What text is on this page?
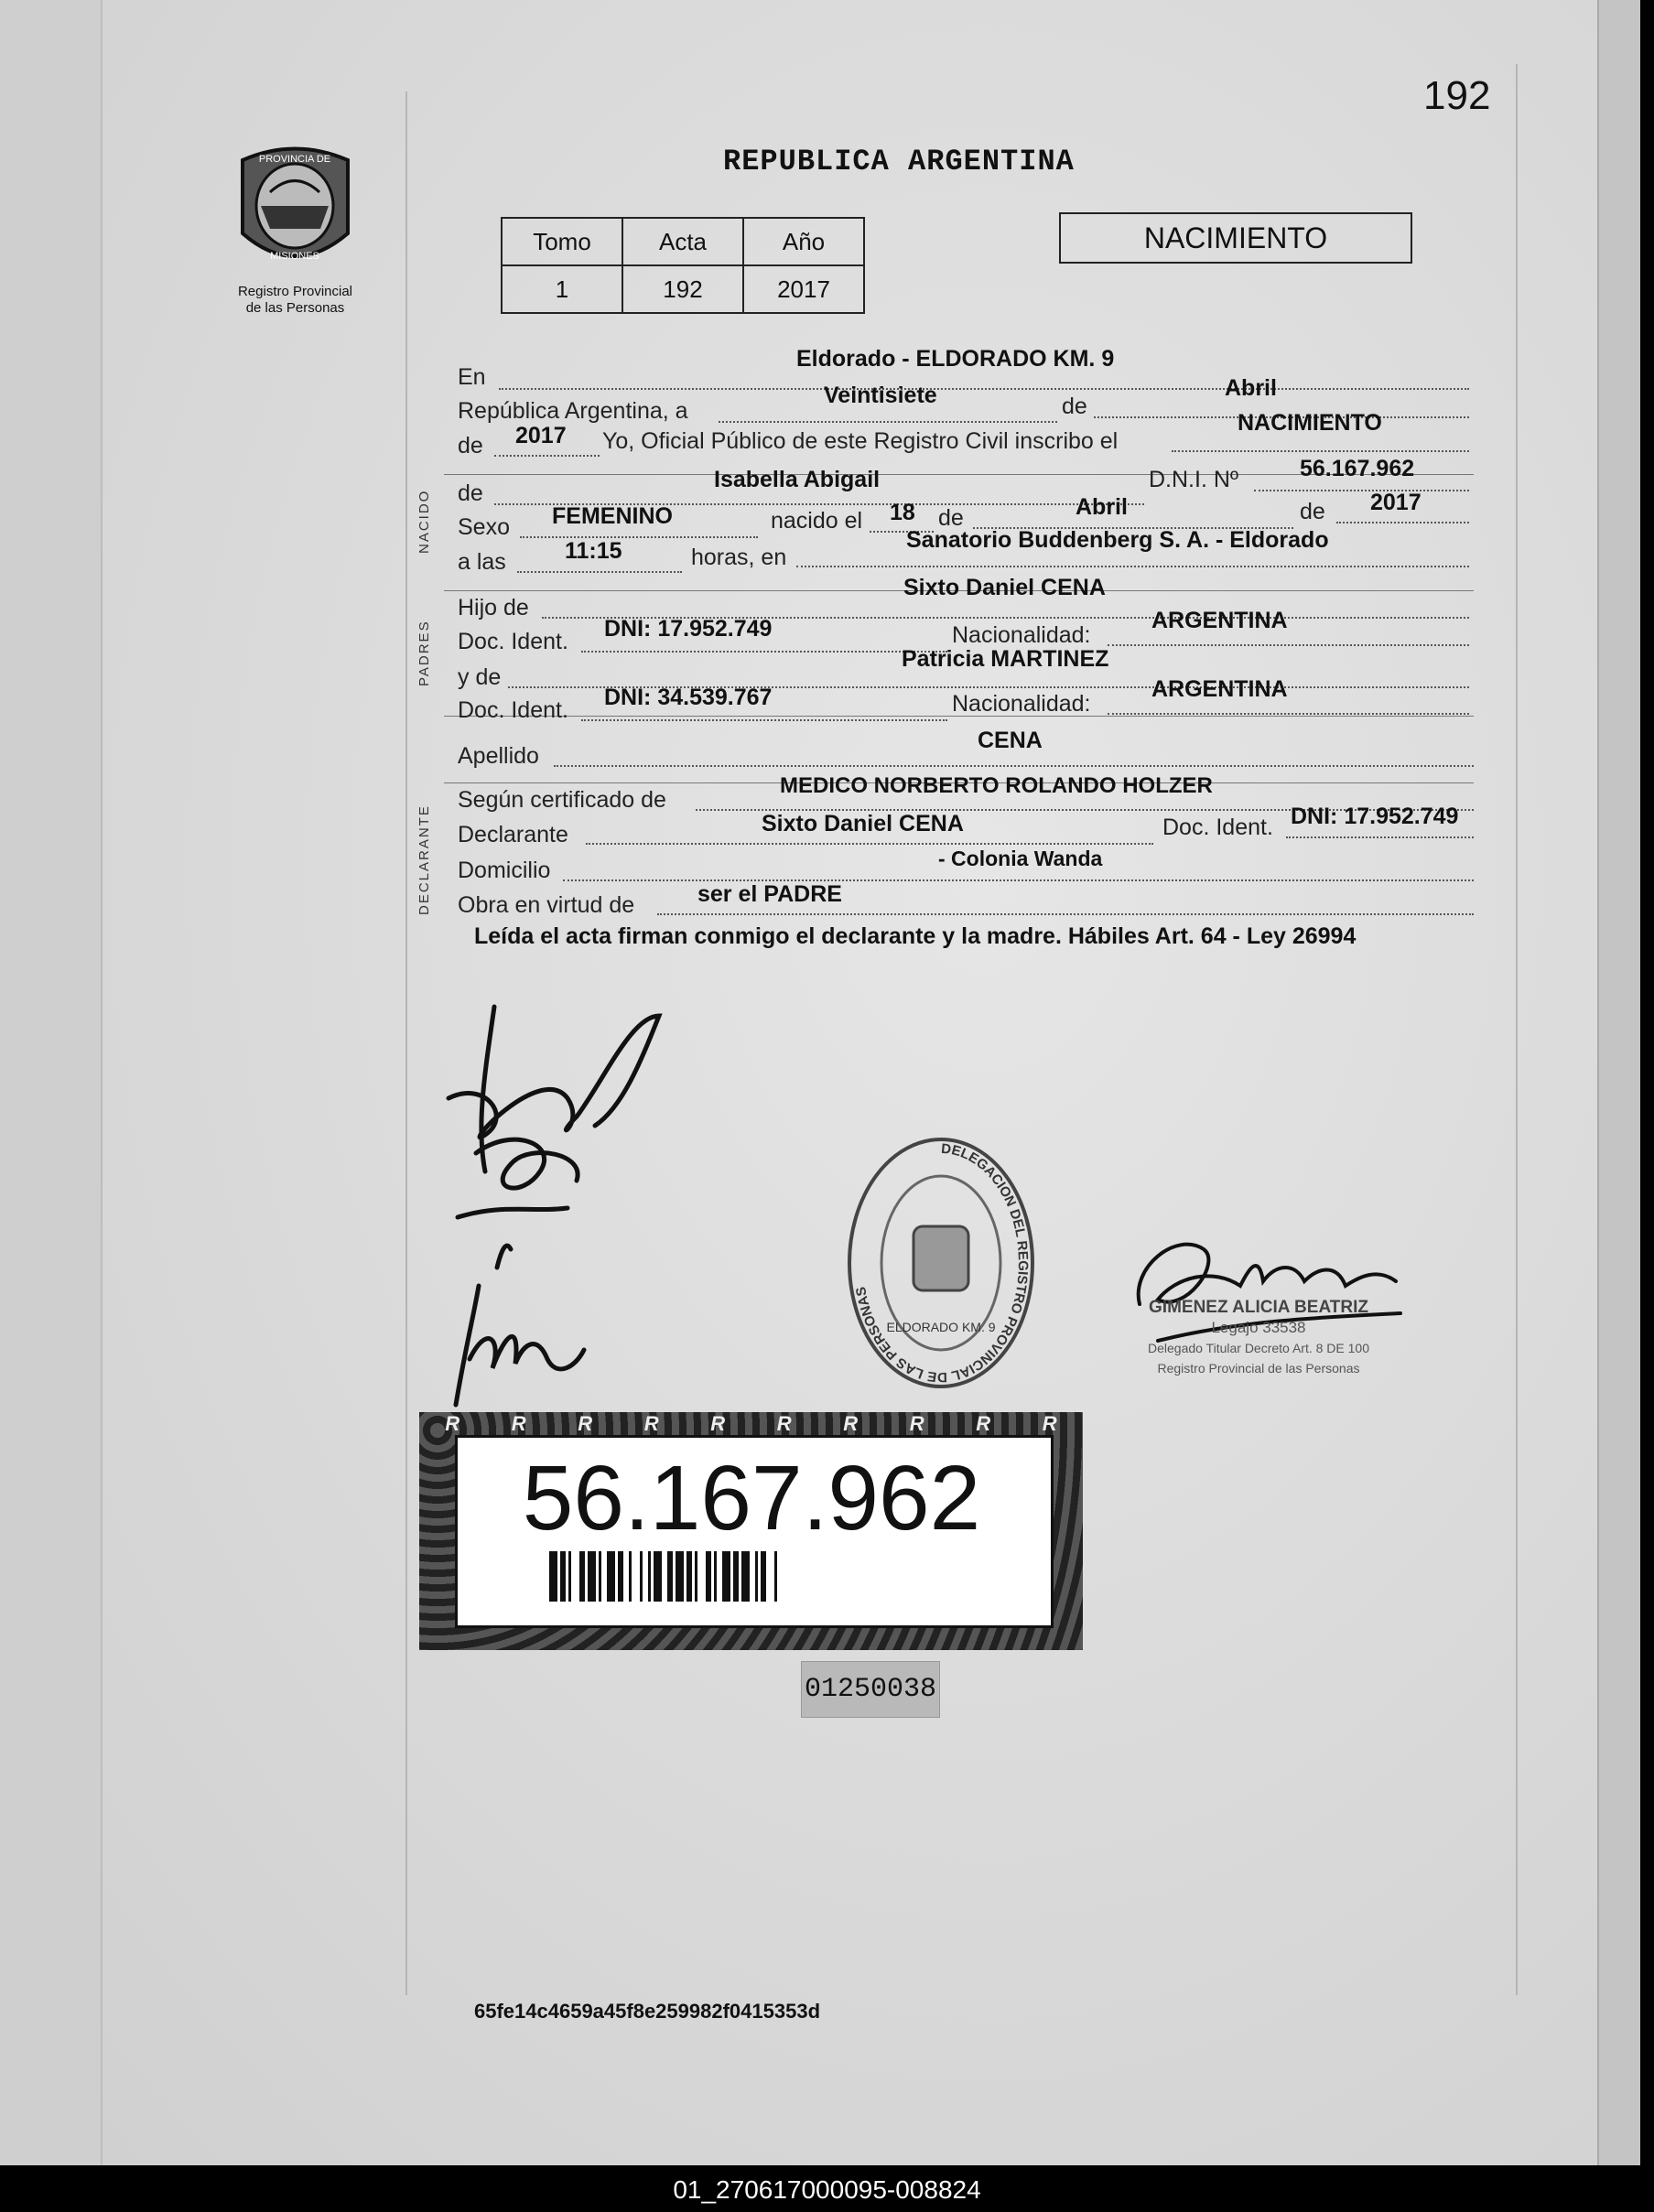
192
PROVINCIA DE
MISIONES
Registro Provincial
de las Personas
REPUBLICA ARGENTINA
Tomo	Acta	Año
1	192	2017
NACIMIENTO
NACIDO
PADRES
DECLARANTE
En
Eldorado - ELDORADO KM. 9
República Argentina, a
Veintisiete	de
Abril
de 2017 Yo, Oficial Público de este Registro Civil inscribo el
NACIMIENTO
de
Isabella Abigail	D.N.I. Nº	56.167.962
Sexo FEMENINO	nacido el 18 de	Abril	de 2017
a las	11:15	horas, en
Sanatorio Buddenberg S. A. - Eldorado
Hijo de
Sixto Daniel CENA
Doc. Ident. DNI: 17.952.749	Nacionalidad:
ARGENTINA
y de
Patricia MARTINEZ
Doc. Ident. DNI: 34.539.767	Nacionalidad:
ARGENTINA
Apellido
CENA
Según certificado de
MEDICO NORBERTO ROLANDO HOLZER
Declarante	Sixto Daniel CENA	Doc. Ident. DNI: 17.952.749
Domicilio	- Colonia Wanda
Obra en virtud de	ser el PADRE
Leída el acta firman conmigo el declarante y la madre. Hábiles Art. 64 - Ley 26994
DELEGACION DEL REGISTRO PROVINCIAL DE LAS PERSONAS
ELDORADO KM. 9
GIMENEZ ALICIA BEATRIZ
Legajo 33538
Delegado Titular Decreto Art. 8 DE 100
Registro Provincial de las Personas
R	R	R	R	R	R	R	R	R	R
56.167.962
01250038
65fe14c4659a45f8e259982f0415353d
01_270617000095-008824
